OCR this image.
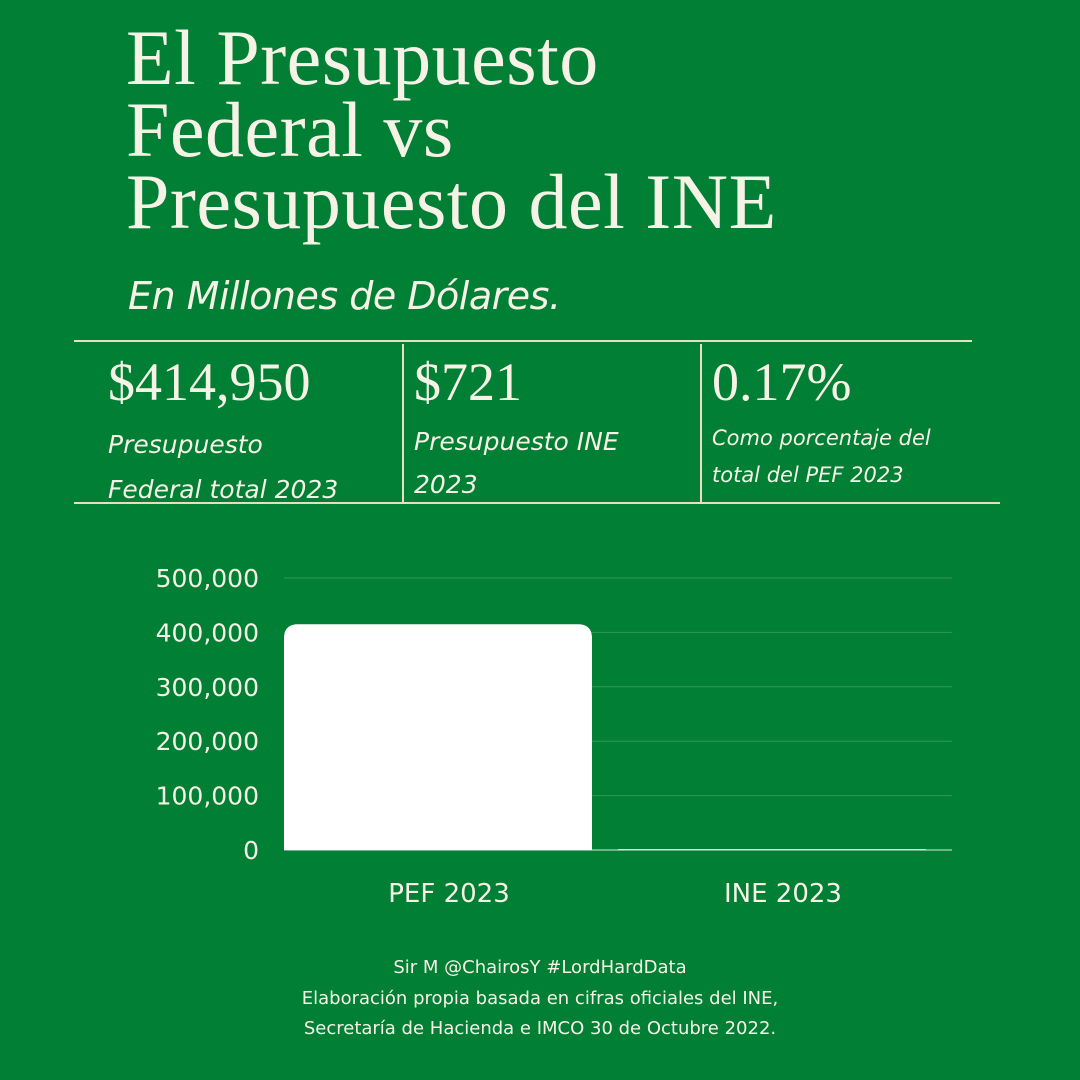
El Presupuesto
Federal vs
Presupuesto del INE

En Millones de Dólares.

$414,950
Presupuesto
Federal total 2023
$721
Presupuesto INE
2023
0.17%
Como porcentaje del
total del PEF 2023
0
100,000
200,000
300,000
400,000
500,000
PEF 2023	INE 2023
Sir M @ChairosY #LordHardData
Elaboración propia basada en cifras oficiales del INE,
Secretaría de Hacienda e IMCO 30 de Octubre 2022.
